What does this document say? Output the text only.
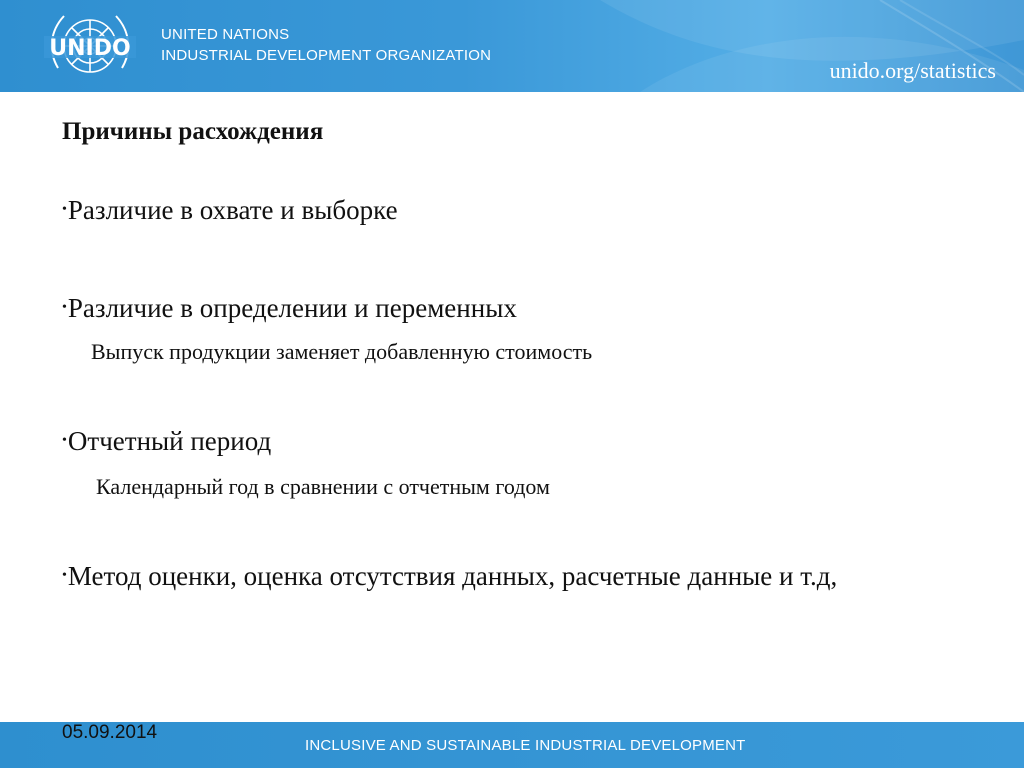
UNIDO
UNITED NATIONS
INDUSTRIAL DEVELOPMENT ORGANIZATION
unido.org/statistics
Причины расхождения
•Различие в охвате и выборке
•Различие в определении и переменных
Выпуск продукции заменяет добавленную стоимость
•Отчетный период
Календарный год в сравнении с отчетным годом
•Метод оценки, оценка отсутствия данных, расчетные данные и т.д,
INCLUSIVE AND SUSTAINABLE INDUSTRIAL DEVELOPMENT
05.09.2014
